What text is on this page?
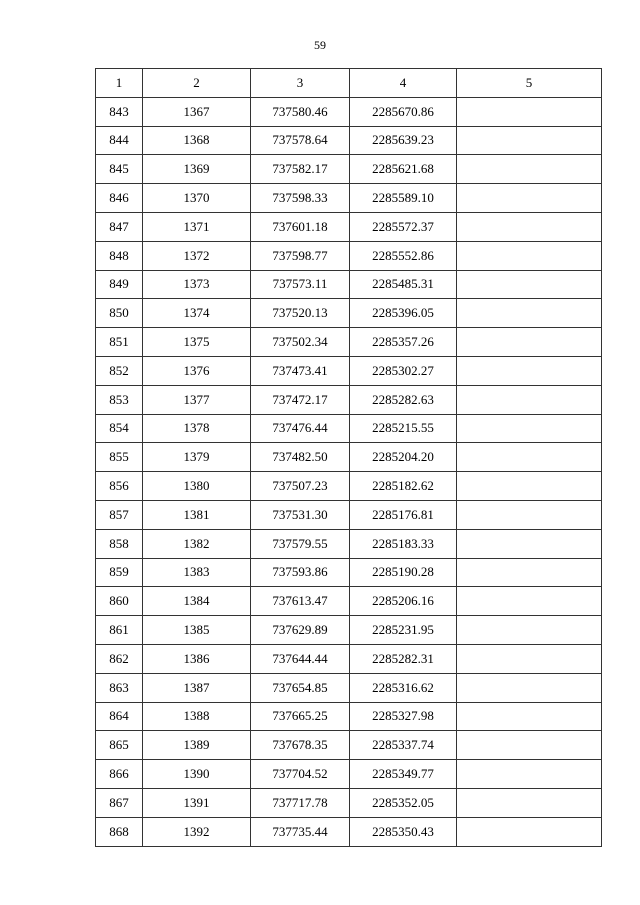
59
1	2	3	4	5
843	1367	737580.46	2285670.86	
844	1368	737578.64	2285639.23	
845	1369	737582.17	2285621.68	
846	1370	737598.33	2285589.10	
847	1371	737601.18	2285572.37	
848	1372	737598.77	2285552.86	
849	1373	737573.11	2285485.31	
850	1374	737520.13	2285396.05	
851	1375	737502.34	2285357.26	
852	1376	737473.41	2285302.27	
853	1377	737472.17	2285282.63	
854	1378	737476.44	2285215.55	
855	1379	737482.50	2285204.20	
856	1380	737507.23	2285182.62	
857	1381	737531.30	2285176.81	
858	1382	737579.55	2285183.33	
859	1383	737593.86	2285190.28	
860	1384	737613.47	2285206.16	
861	1385	737629.89	2285231.95	
862	1386	737644.44	2285282.31	
863	1387	737654.85	2285316.62	
864	1388	737665.25	2285327.98	
865	1389	737678.35	2285337.74	
866	1390	737704.52	2285349.77	
867	1391	737717.78	2285352.05	
868	1392	737735.44	2285350.43	
